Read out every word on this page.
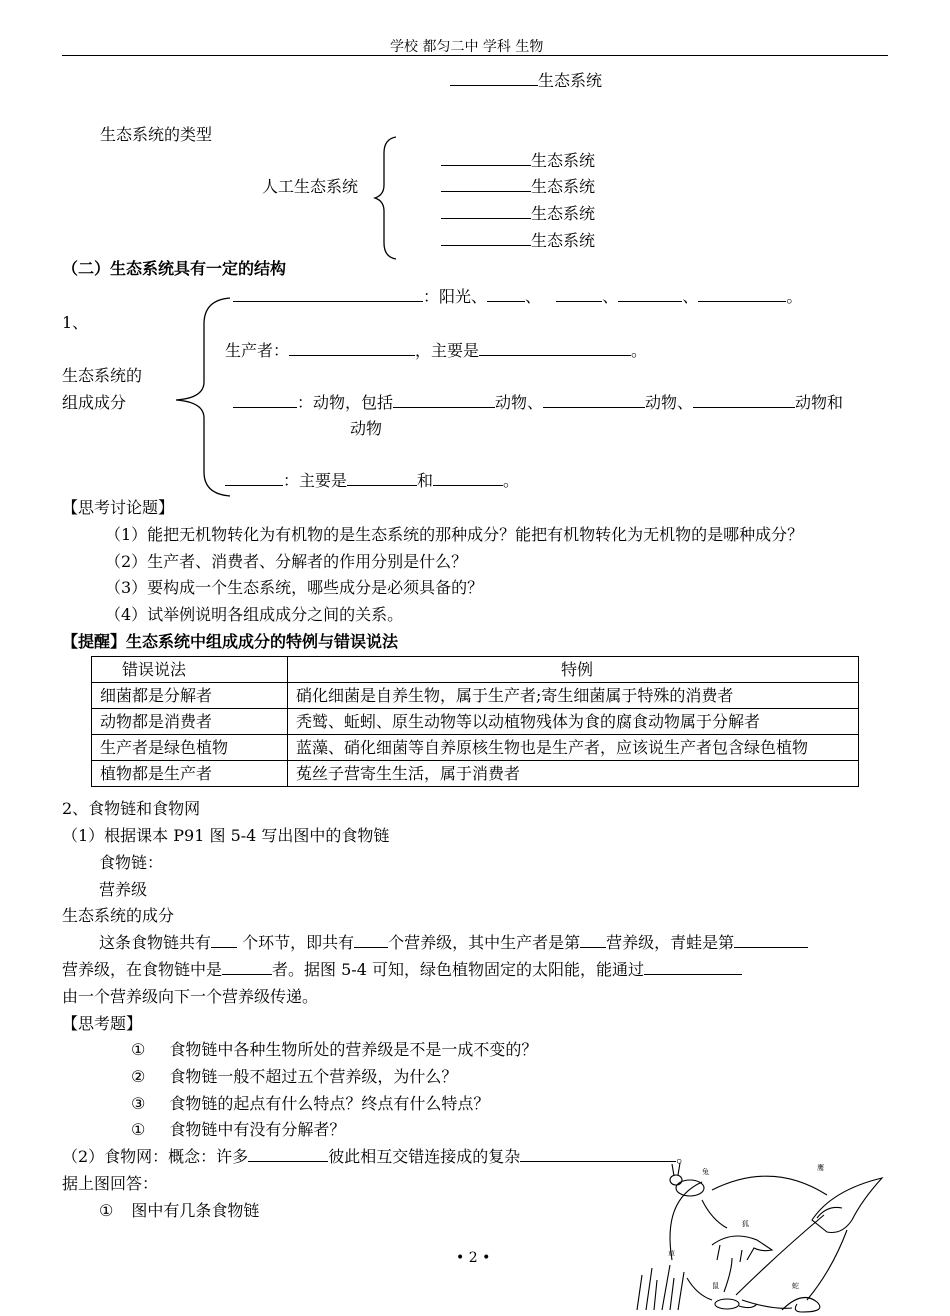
学校 都匀二中 学科 生物
生态系统
生态系统的类型
人工生态系统
生态系统
生态系统
生态系统
生态系统
（二）生态系统具有一定的结构
：阳光、 、	、	、	。
1、
生产者：	，主要是	。
生态系统的
组成成分	：动物，包括	动物、	动物、	动物和
动物
：主要是	和	。
【思考讨论题】
（1）能把无机物转化为有机物的是生态系统的那种成分？能把有机物转化为无机物的是哪种成分？
（2）生产者、消费者、分解者的作用分别是什么？
（3）要构成一个生态系统，哪些成分是必须具备的？
（4）试举例说明各组成成分之间的关系。
【提醒】生态系统中组成成分的特例与错误说法
错误说法	特例
细菌都是分解者	硝化细菌是自养生物，属于生产者;寄生细菌属于特殊的消费者
动物都是消费者	秃鹫、蚯蚓、原生动物等以动植物残体为食的腐食动物属于分解者
生产者是绿色植物	蓝藻、硝化细菌等自养原核生物也是生产者，应该说生产者包含绿色植物
植物都是生产者	菟丝子营寄生生活，属于消费者
2、食物链和食物网
（1）根据课本 P91 图 5-4 写出图中的食物链
食物链：
营养级
生态系统的成分
这条食物链共有 个环节，即共有 个营养级，其中生产者是第 营养级，青蛙是第
营养级，在食物链中是	者。据图 5-4 可知，绿色植物固定的太阳能，能通过
由一个营养级向下一个营养级传递。
【思考题】
① 食物链中各种生物所处的营养级是不是一成不变的？
② 食物链一般不超过五个营养级，为什么？
③ 食物链的起点有什么特点？终点有什么特点？
① 食物链中有没有分解者？
（2）食物网：概念：许多	彼此相互交错连接成的复杂	。
据上图回答：
① 图中有几条食物链
兔	鹰
狐
草
鼠	蛇
• 2 •
